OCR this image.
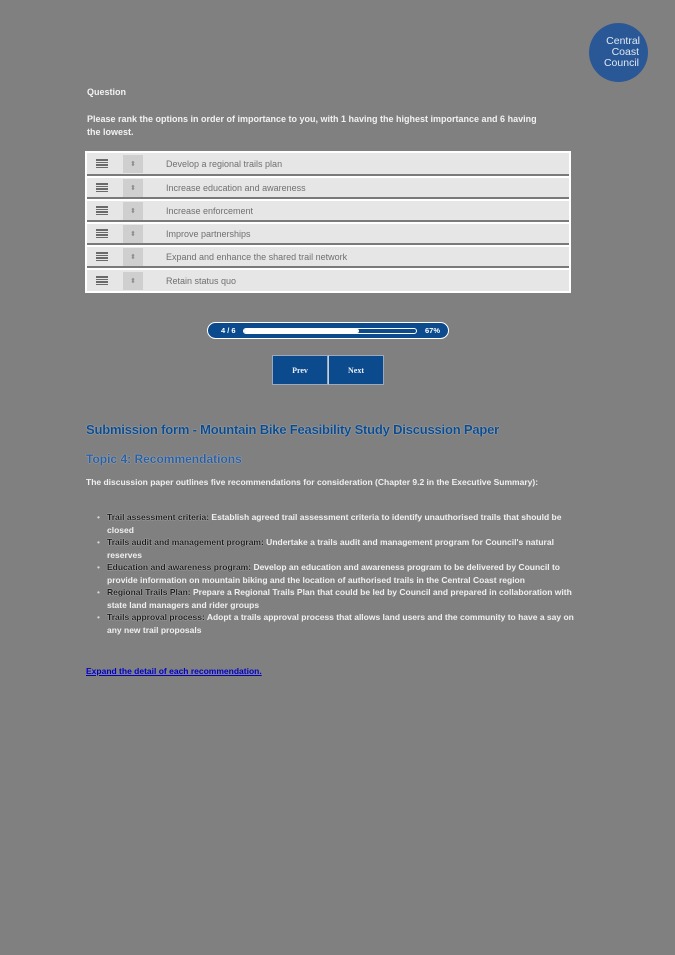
Central
Coast
Council
Question
Please rank the options in order of importance to you, with 1 having the highest importance and 6 having the lowest.
⬍	Develop a regional trails plan
⬍	Increase education and awareness
⬍	Increase enforcement
⬍	Improve partnerships
⬍	Expand and enhance the shared trail network
⬍	Retain status quo
4 / 6	67%
Prev	Next
Submission form - Mountain Bike Feasibility Study Discussion Paper
Topic 4: Recommendations
The discussion paper outlines five recommendations for consideration (Chapter 9.2 in the Executive Summary):
• Trail assessment criteria: Establish agreed trail assessment criteria to identify unauthorised trails that should be closed
• Trails audit and management program: Undertake a trails audit and management program for Council's natural reserves
• Education and awareness program: Develop an education and awareness program to be delivered by Council to provide information on mountain biking and the location of authorised trails in the Central Coast region
• Regional Trails Plan: Prepare a Regional Trails Plan that could be led by Council and prepared in collaboration with state land managers and rider groups
• Trails approval process: Adopt a trails approval process that allows land users and the community to have a say on any new trail proposals
Expand the detail of each recommendation.
